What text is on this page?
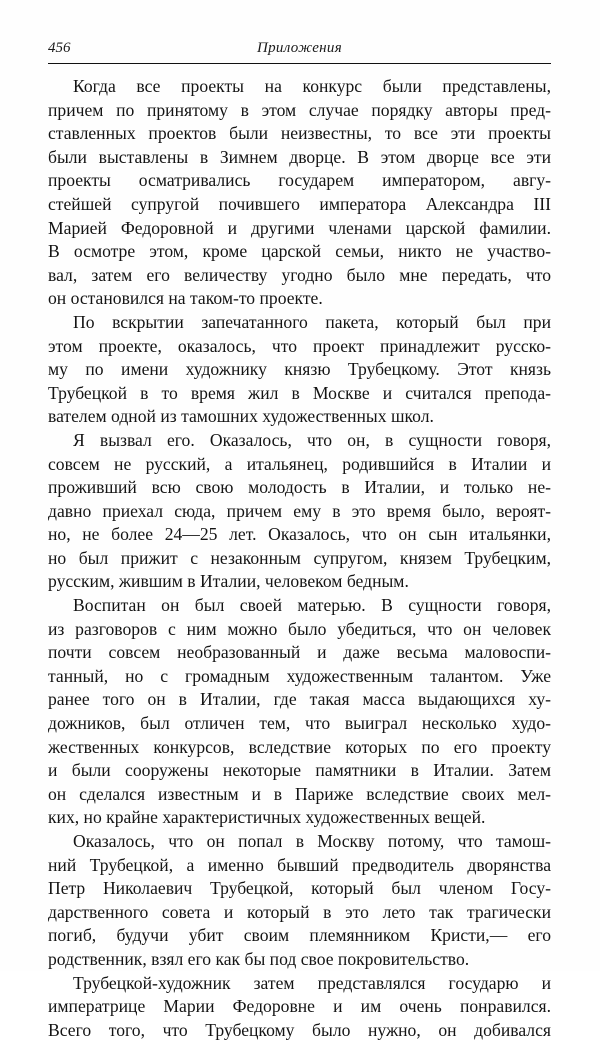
456	Приложения
Когда все проекты на конкурс были представлены,
причем по принятому в этом случае порядку авторы пред-
ставленных проектов были неизвестны, то все эти проекты
были выставлены в Зимнем дворце. В этом дворце все эти
проекты осматривались государем императором, авгу-
стейшей супругой почившего императора Александра III
Марией Федоровной и другими членами царской фамилии.
В осмотре этом, кроме царской семьи, никто не участво-
вал, затем его величеству угодно было мне передать, что
он остановился на таком-то проекте.
По вскрытии запечатанного пакета, который был при
этом проекте, оказалось, что проект принадлежит русско-
му по имени художнику князю Трубецкому. Этот князь
Трубецкой в то время жил в Москве и считался препода-
вателем одной из тамошних художественных школ.
Я вызвал его. Оказалось, что он, в сущности говоря,
совсем не русский, а итальянец, родившийся в Италии и
проживший всю свою молодость в Италии, и только не-
давно приехал сюда, причем ему в это время было, вероят-
но, не более 24—25 лет. Оказалось, что он сын итальянки,
но был прижит с незаконным супругом, князем Трубецким,
русским, жившим в Италии, человеком бедным.
Воспитан он был своей матерью. В сущности говоря,
из разговоров с ним можно было убедиться, что он человек
почти совсем необразованный и даже весьма маловоспи-
танный, но с громадным художественным талантом. Уже
ранее того он в Италии, где такая масса выдающихся ху-
дожников, был отличен тем, что выиграл несколько худо-
жественных конкурсов, вследствие которых по его проекту
и были сооружены некоторые памятники в Италии. Затем
он сделался известным и в Париже вследствие своих мел-
ких, но крайне характеристичных художественных вещей.
Оказалось, что он попал в Москву потому, что тамош-
ний Трубецкой, а именно бывший предводитель дворянства
Петр Николаевич Трубецкой, который был членом Госу-
дарственного совета и который в это лето так трагически
погиб, будучи убит своим племянником Кристи,— его
родственник, взял его как бы под свое покровительство.
Трубецкой-художник затем представлялся государю и
императрице Марии Федоровне и им очень понравился.
Всего того, что Трубецкому было нужно, он добивался
